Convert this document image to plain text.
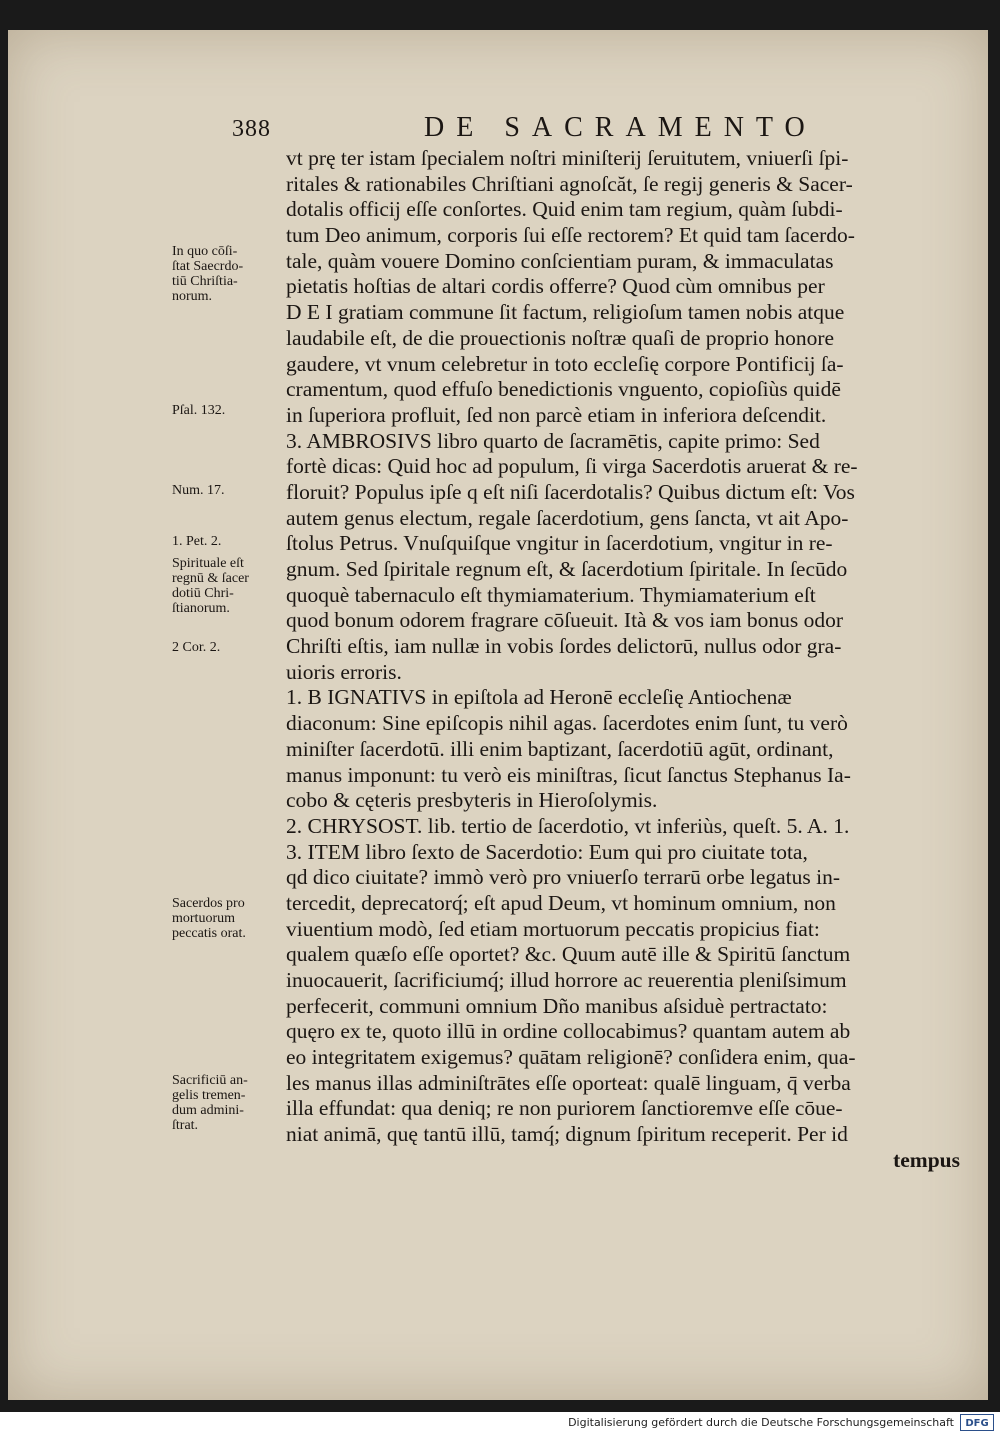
388	DE SACRAMENTO
vt prę ter istam ſpecialem noſtri miniſterij ſeruitutem, vniuerſi ſpi-
ritales & rationabiles Chriſtiani agnoſcăt, ſe regij generis & Sacer-
dotalis officij eſſe conſortes. Quid enim tam regium, quàm ſubdi-
tum Deo animum, corporis ſui eſſe rectorem? Et quid tam ſacerdo-
tale, quàm vouere Domino conſcientiam puram, & immaculatas
pietatis hoſtias de altari cordis offerre? Quod cùm omnibus per
D E I gratiam commune ſit factum, religioſum tamen nobis atque
laudabile eſt, de die prouectionis noſtræ quaſi de proprio honore
gaudere, vt vnum celebretur in toto eccleſię corpore Pontificij ſa-
cramentum, quod effuſo benedictionis vnguento, copioſiùs quidē
in ſuperiora profluit, ſed non parcè etiam in inferiora deſcendit.
3. AMBROSIVS libro quarto de ſacramētis, capite primo: Sed
fortè dicas: Quid hoc ad populum, ſi virga Sacerdotis aruerat & re-
floruit? Populus ipſe q eſt niſi ſacerdotalis? Quibus dictum eſt: Vos
autem genus electum, regale ſacerdotium, gens ſancta, vt ait Apo-
ſtolus Petrus. Vnuſquiſque vngitur in ſacerdotium, vngitur in re-
gnum. Sed ſpiritale regnum eſt, & ſacerdotium ſpiritale. In ſecūdo
quoquè tabernaculo eſt thymiamaterium. Thymiamaterium eſt
quod bonum odorem fragrare cōſueuit. Ità & vos iam bonus odor
Chriſti eſtis, iam nullæ in vobis ſordes delictorū, nullus odor gra-
uioris erroris.
1. B IGNATIVS in epiſtola ad Heronē eccleſię Antiochenæ
diaconum: Sine epiſcopis nihil agas. ſacerdotes enim ſunt, tu verò
miniſter ſacerdotū. illi enim baptizant, ſacerdotiū agūt, ordinant,
manus imponunt: tu verò eis miniſtras, ſicut ſanctus Stephanus Ia-
cobo & cęteris presbyteris in Hieroſolymis.
2. CHRYSOST. lib. tertio de ſacerdotio, vt inferiùs, queſt. 5. A. 1.
3. ITEM libro ſexto de Sacerdotio: Eum qui pro ciuitate tota,
qd dico ciuitate? immò verò pro vniuerſo terrarū orbe legatus in-
tercedit, deprecatorq́; eſt apud Deum, vt hominum omnium, non
viuentium modò, ſed etiam mortuorum peccatis propicius fiat:
qualem quæſo eſſe oportet? &c. Quum autē ille & Spiritū ſanctum
inuocauerit, ſacrificiumq́; illud horrore ac reuerentia pleniſsimum
perfecerit, communi omnium Dño manibus aſsiduè pertractato:
quęro ex te, quoto illū in ordine collocabimus? quantam autem ab
eo integritatem exigemus? quātam religionē? conſidera enim, qua-
les manus illas adminiſtrātes eſſe oporteat: qualē linguam, q̄ verba
illa effundat: qua deniq; re non puriorem ſanctioremve eſſe cōue-
niat animā, quę tantū illū, tamq́; dignum ſpiritum receperit. Per id
tempus
In quo cōſi-
ſtat Saecrdo-
tiū Chriſtia-
norum.
Pſal. 132.
Num. 17.
1. Pet. 2.
Spirituale eſt
regnū & ſacer
dotiū Chri-
ſtianorum.
2 Cor. 2.
Sacerdos pro
mortuorum
peccatis orat.
Sacrificiū an-
gelis tremen-
dum admini-
ſtrat.
Digitalisierung gefördert durch die Deutsche Forschungsgemeinschaft	DFG
